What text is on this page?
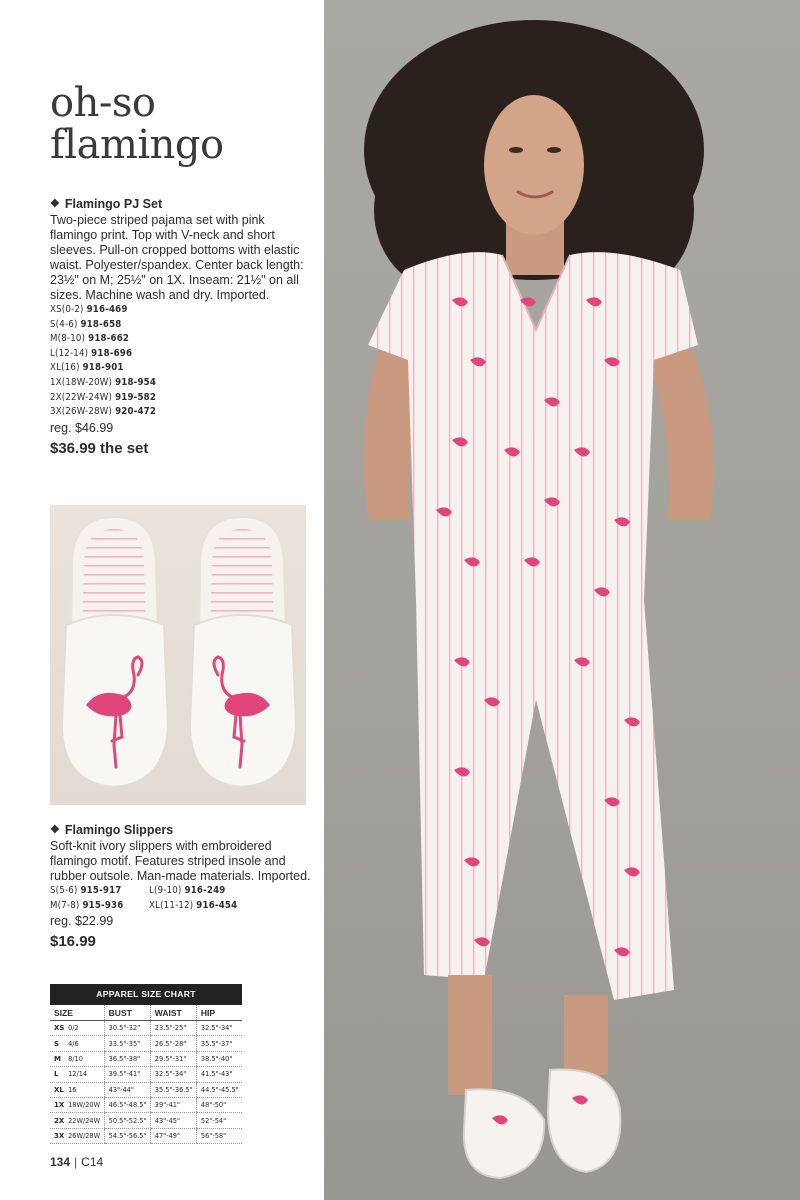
oh-so
flamingo
❖ Flamingo PJ Set
Two-piece striped pajama set with pink flamingo print. Top with V-neck and short sleeves. Pull-on cropped bottoms with elastic waist. Polyester/spandex. Center back length: 23½" on M; 25½" on 1X. Inseam: 21½" on all sizes. Machine wash and dry. Imported.
XS(0-2) 916-469
S(4-6) 918-658
M(8-10) 918-662
L(12-14) 918-696
XL(16) 918-901
1X(18W-20W) 918-954
2X(22W-24W) 919-582
3X(26W-28W) 920-472
reg. $46.99
$36.99 the set
❖ Flamingo Slippers
Soft-knit ivory slippers with embroidered flamingo motif. Features striped insole and rubber outsole. Man-made materials. Imported.
S(5-6) 915-917
M(7-8) 915-936
L(9-10) 916-249
XL(11-12) 916-454
reg. $22.99
$16.99
APPAREL SIZE CHART
SIZE	BUST	WAIST	HIP
XS 0/2	30.5"-32"	23.5"-25"	32.5"-34"
S 4/6	33.5"-35"	26.5"-28"	35.5"-37"
M 8/10	36.5"-38"	29.5"-31"	38.5"-40"
L 12/14	39.5"-41"	32.5"-34"	41.5"-43"
XL 16	43"-44"	35.5"-36.5"	44.5"-45.5"
1X 18W/20W	46.5"-48.5"	39"-41"	48"-50"
2X 22W/24W	50.5"-52.5"	43"-45"	52"-54"
3X 26W/28W	54.5"-56.5"	47"-49"	56"-58"
134 | C14
